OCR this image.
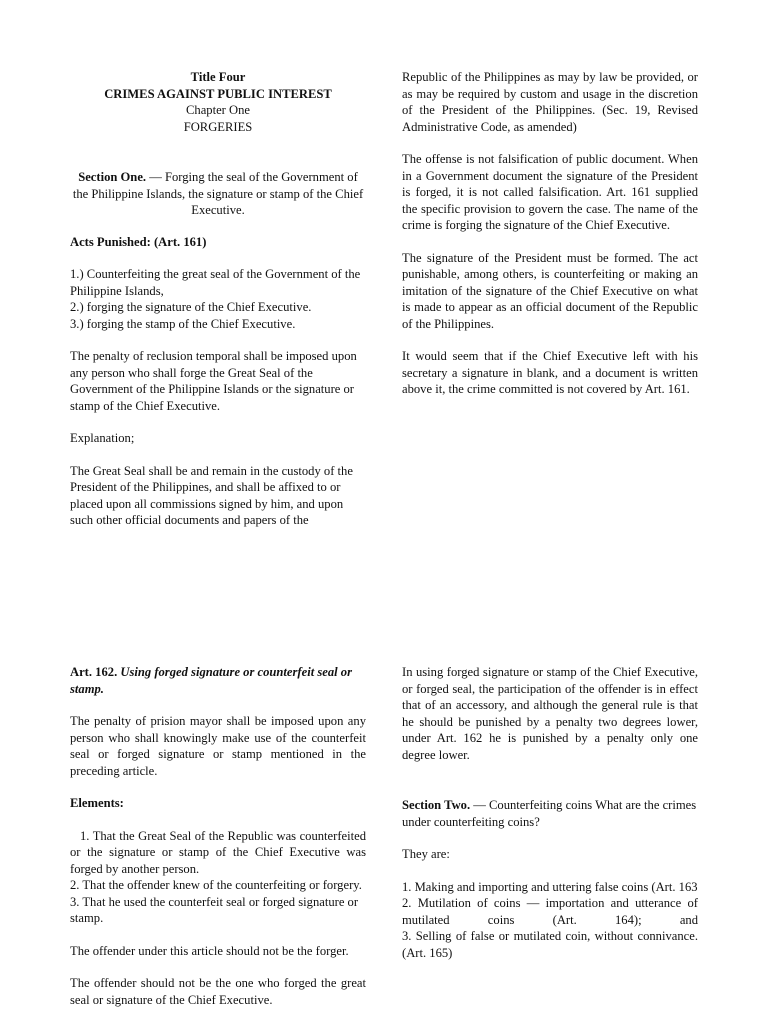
Title Four
CRIMES AGAINST PUBLIC INTEREST
Chapter One
FORGERIES

Section One. — Forging the seal of the Government of the Philippine Islands, the signature or stamp of the Chief Executive.

Acts Punished: (Art. 161)

1.) Counterfeiting the great seal of the Government of the Philippine Islands,
2.) forging the signature of the Chief Executive.
3.) forging the stamp of the Chief Executive.

The penalty of reclusion temporal shall be imposed upon any person who shall forge the Great Seal of the Government of the Philippine Islands or the signature or stamp of the Chief Executive.

Explanation;

The Great Seal shall be and remain in the custody of the President of the Philippines, and shall be affixed to or placed upon all commissions signed by him, and upon such other official documents and papers of the

Republic of the Philippines as may by law be provided, or as may be required by custom and usage in the discretion of the President of the Philippines. (Sec. 19, Revised Administrative Code, as amended)

The offense is not falsification of public document. When in a Government document the signature of the President is forged, it is not called falsification. Art. 161 supplied the specific provision to govern the case. The name of the crime is forging the signature of the Chief Executive.

The signature of the President must be formed. The act punishable, among others, is counterfeiting or making an imitation of the signature of the Chief Executive on what is made to appear as an official document of the Republic of the Philippines.

It would seem that if the Chief Executive left with his secretary a signature in blank, and a document is written above it, the crime committed is not covered by Art. 161.

Art. 162. Using forged signature or counterfeit seal or stamp.

The penalty of prision mayor shall be imposed upon any person who shall knowingly make use of the counterfeit seal or forged signature or stamp mentioned in the preceding article.

Elements:

1. That the Great Seal of the Republic was counterfeited or the signature or stamp of the Chief Executive was forged by another person.
2. That the offender knew of the counterfeiting or forgery.
3. That he used the counterfeit seal or forged signature or stamp.

The offender under this article should not be the forger.

The offender should not be the one who forged the great seal or signature of the Chief Executive.

In using forged signature or stamp of the Chief Executive, or forged seal, the participation of the offender is in effect that of an accessory, and although the general rule is that he should be punished by a penalty two degrees lower, under Art. 162 he is punished by a penalty only one degree lower.

Section Two. — Counterfeiting coins What are the crimes under counterfeiting coins?

They are:

1. Making and importing and uttering false coins (Art. 163
2. Mutilation of coins — importation and utterance of mutilated coins (Art. 164); and
3. Selling of false or mutilated coin, without connivance. (Art. 165)
